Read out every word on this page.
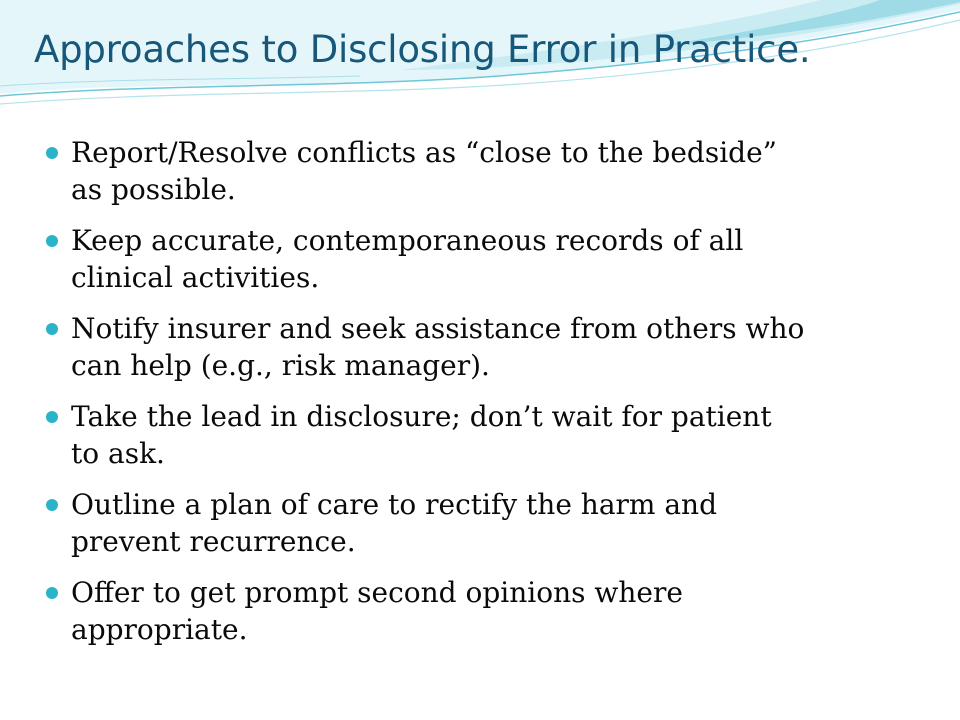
Approaches to Disclosing Error in Practice.
Report/Resolve conflicts as “close to the bedside”
as possible.
Keep accurate, contemporaneous records of all
clinical activities.
Notify insurer and seek assistance from others who
can help (e.g., risk manager).
Take the lead in disclosure; don’t wait for patient
to ask.
Outline a plan of care to rectify the harm and
prevent recurrence.
Offer to get prompt second opinions where
appropriate.
